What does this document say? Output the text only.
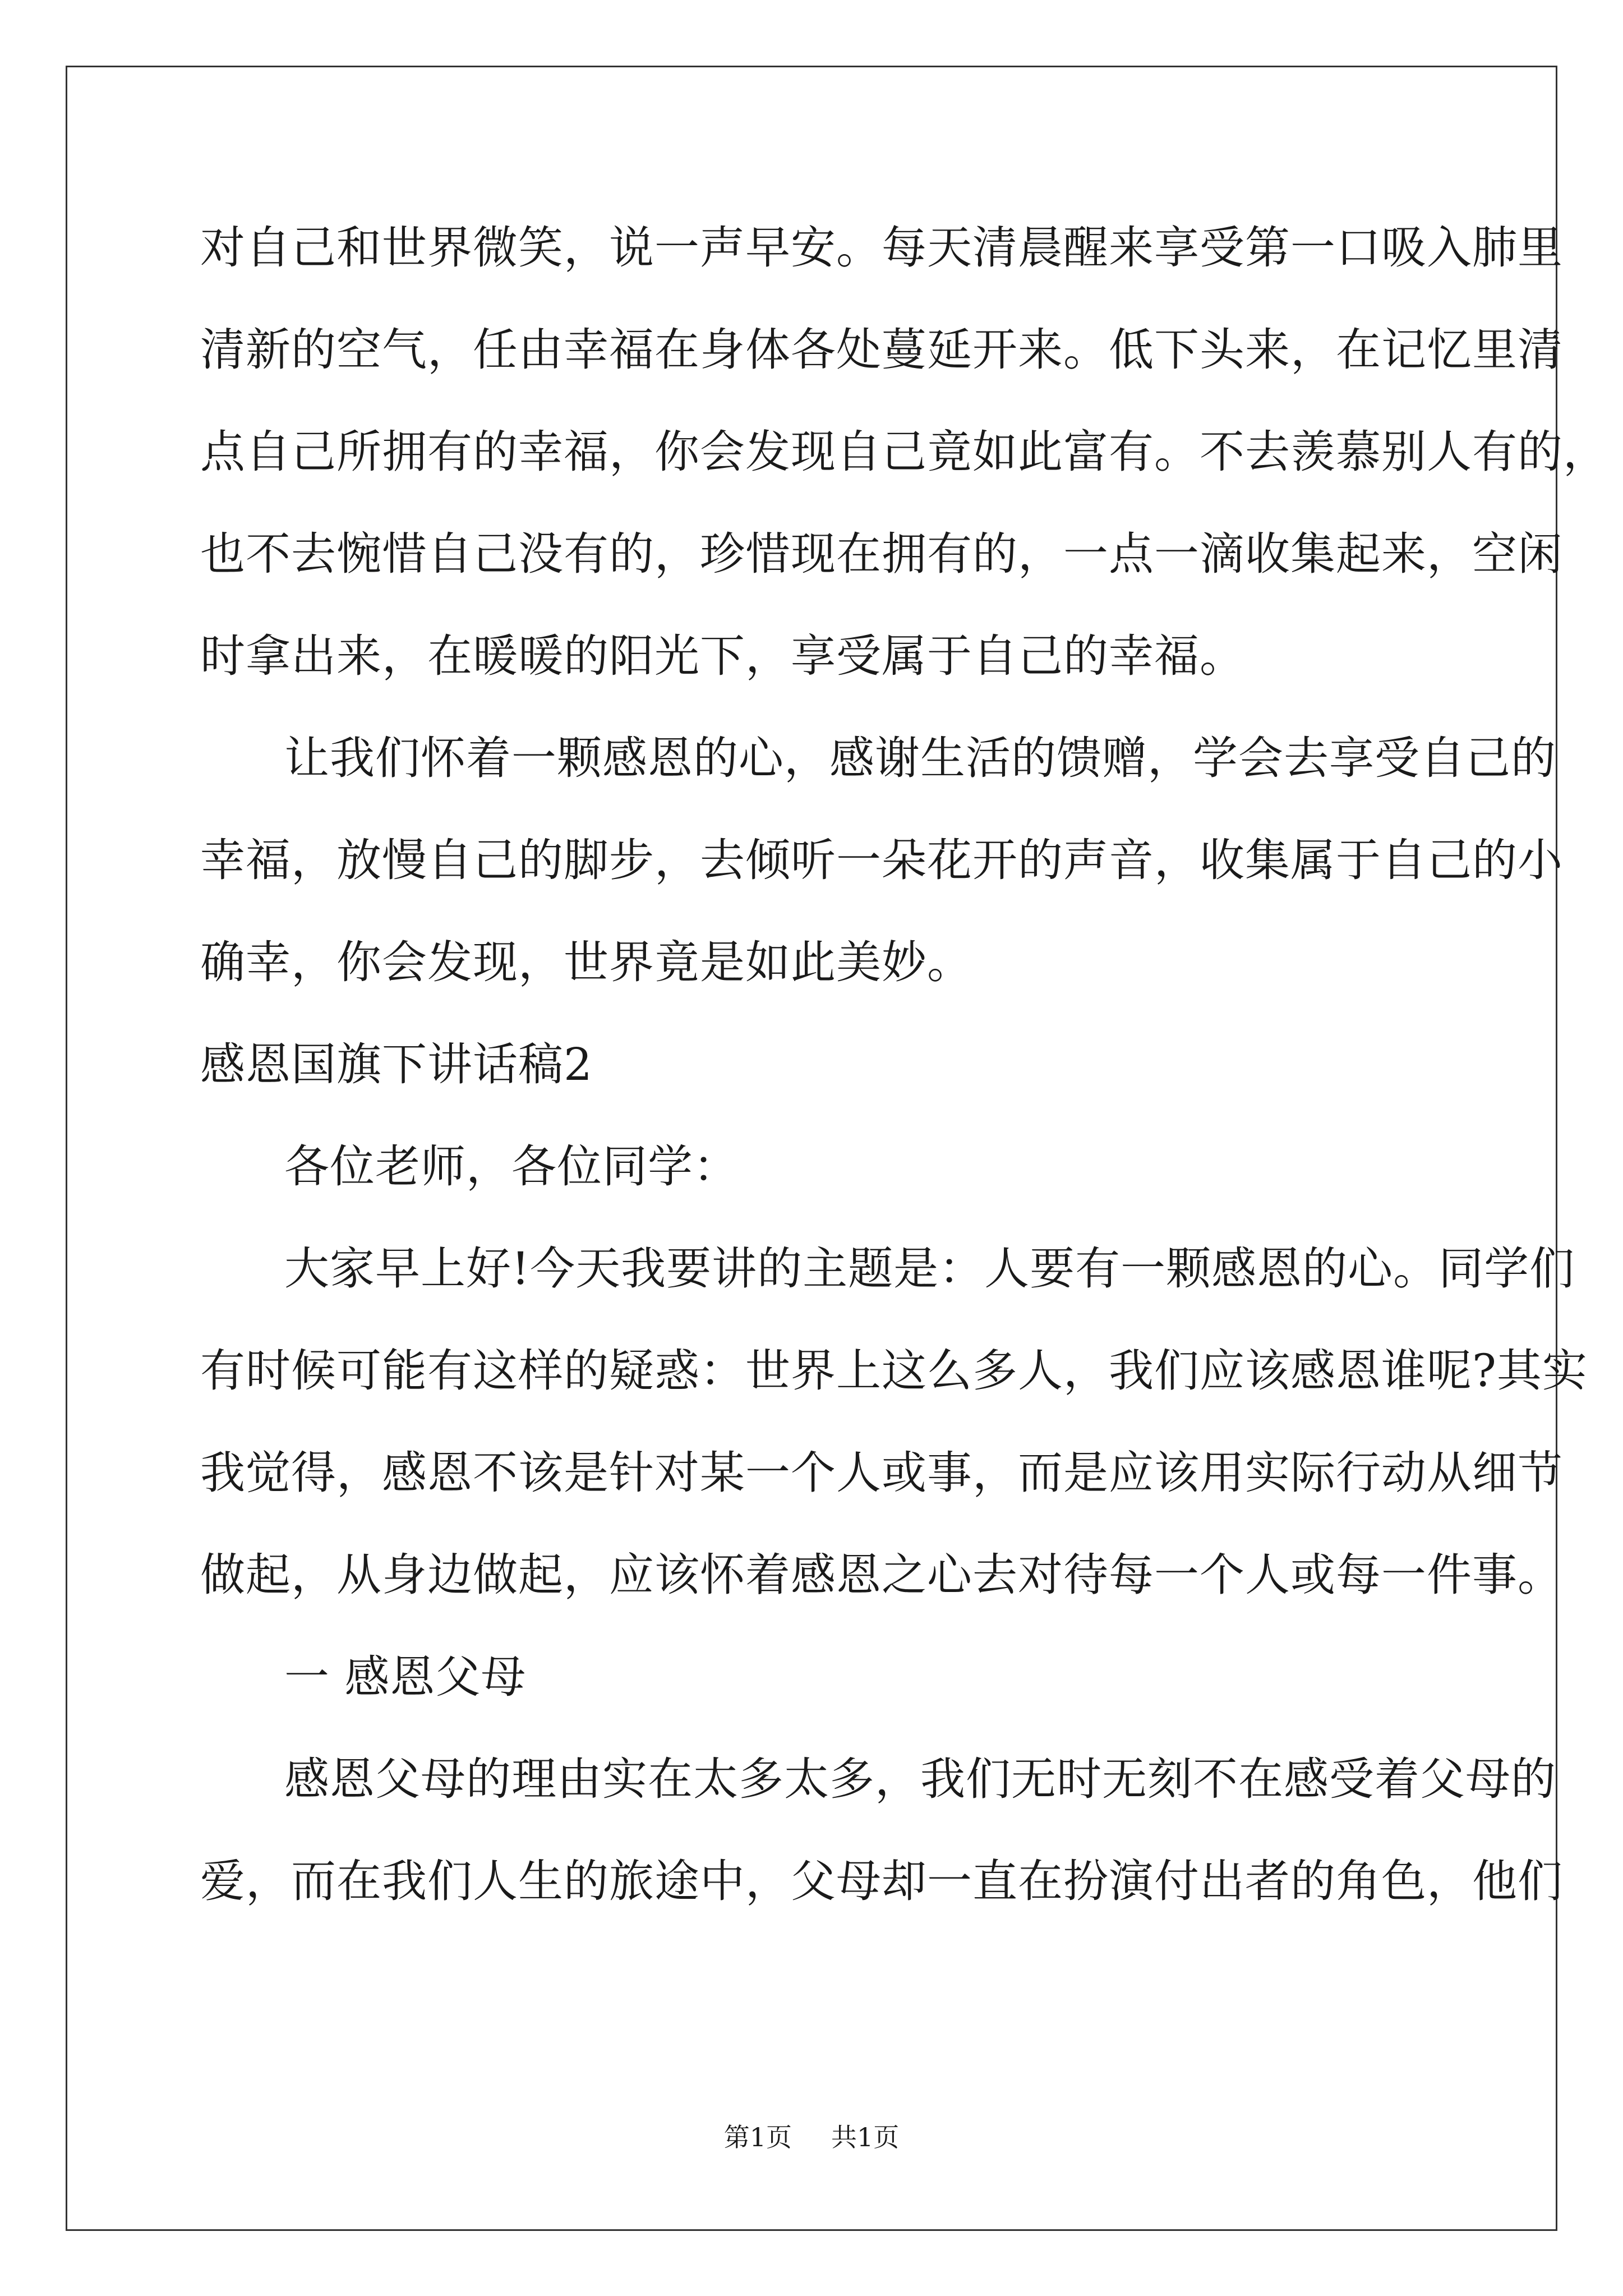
对自己和世界微笑，说一声早安。每天清晨醒来享受第一口吸入肺里
清新的空气，任由幸福在身体各处蔓延开来。低下头来，在记忆里清
点自己所拥有的幸福，你会发现自己竟如此富有。不去羡慕别人有的，
也不去惋惜自己没有的，珍惜现在拥有的，一点一滴收集起来，空闲
时拿出来，在暖暖的阳光下，享受属于自己的幸福。
让我们怀着一颗感恩的心，感谢生活的馈赠，学会去享受自己的
幸福，放慢自己的脚步，去倾听一朵花开的声音，收集属于自己的小
确幸，你会发现，世界竟是如此美妙。
感恩国旗下讲话稿2
各位老师，各位同学：
大家早上好!今天我要讲的主题是：人要有一颗感恩的心。同学们
有时候可能有这样的疑惑：世界上这么多人，我们应该感恩谁呢?其实
我觉得，感恩不该是针对某一个人或事，而是应该用实际行动从细节
做起，从身边做起，应该怀着感恩之心去对待每一个人或每一件事。
一 感恩父母
感恩父母的理由实在太多太多，我们无时无刻不在感受着父母的
爱，而在我们人生的旅途中，父母却一直在扮演付出者的角色，他们
第1页 共1页
